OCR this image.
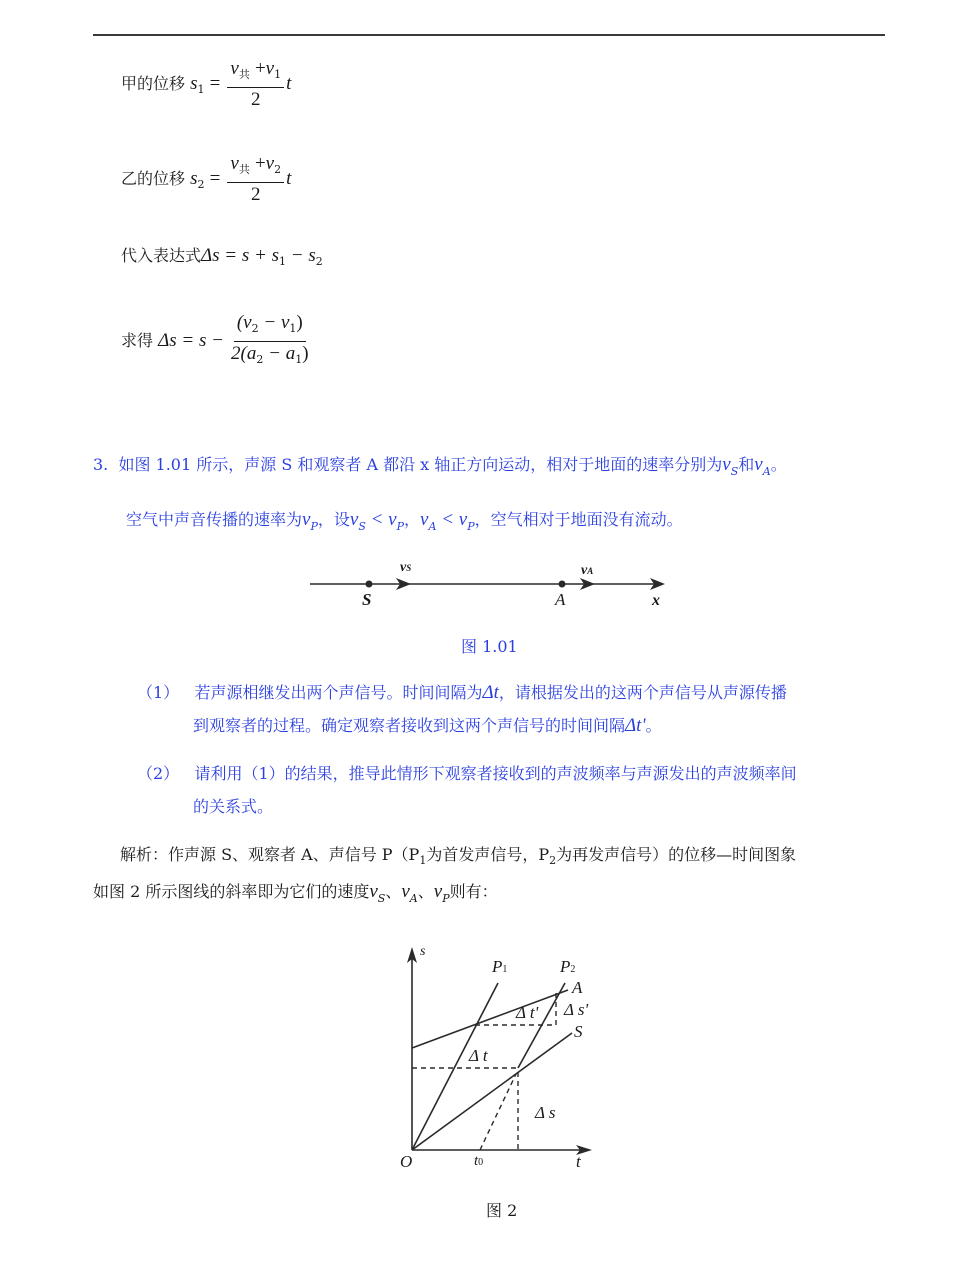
甲的位移 $s_1 = \frac{v_共 +v_1}{2}$ t
乙的位移 $s_2 = \frac{v_共 +v_2}{2}$ t
代入表达式$\Delta s = s + s_1 - s_2$
求得 $\Delta s = s - \frac{(v_2 - v_1)}{2(a_2 - a_1)}$
3. 如图 1.01 所示，声源 S 和观察者 A 都沿 x 轴正方向运动，相对于地面的速率分别为$v_S$和$v_A$。
空气中声音传播的速率为$v_P$，设$v_S < v_P$，$v_A < v_P$，空气相对于地面没有流动。
vS	vA
S	A	x
图 1.01
（1） 若声源相继发出两个声信号。时间间隔为Δt，请根据发出的这两个声信号从声源传播
到观察者的过程。确定观察者接收到这两个声信号的时间间隔Δt'。
（2） 请利用（1）的结果，推导此情形下观察者接收到的声波频率与声源发出的声波频率间
的关系式。
解析：作声源 S、观察者 A、声信号 $P(P_1$为首发声信号，$P_2$为再发声信号）的位移—时间图象
如图 2 所示图线的斜率即为它们的速度$v_S$、$v_A$、$v_P$则有：
s
t
O	t0
P1	P2
A
S
Δ t' Δ s'
Δ t
Δ s
图 2
